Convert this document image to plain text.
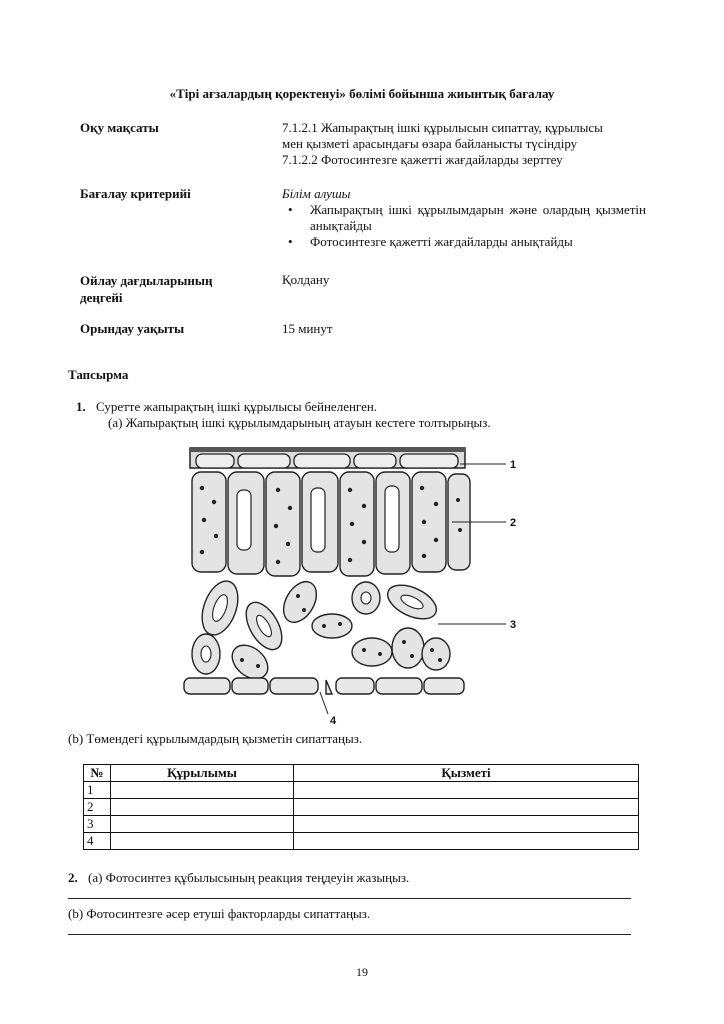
«Тірі ағзалардың қоректенуі» бөлімі бойынша жиынтық бағалау
Оқу мақсаты	7.1.2.1 Жапырақтың ішкі құрылысын сипаттау, құрылысы
мен қызметі арасындағы өзара байланысты түсіндіру
7.1.2.2 Фотосинтезге қажетті жағдайларды зерттеу
Бағалау критерийі	Білім алушы
• Жапырақтың ішкі құрылымдарын және олардың қызметін анықтайды
• Фотосинтезге қажетті жағдайларды анықтайды
Ойлау дағдыларының
деңгейі
Қолдану
Орындау уақыты	15 минут
Тапсырма
1. Суретте жапырақтың ішкі құрылысы бейнеленген.
(a) Жапырақтың ішкі құрылымдарының атауын кестеге толтырыңыз.
1
2
3
4
(b) Төмендегі құрылымдардың қызметін сипаттаңыз.
№	Құрылымы	Қызметі
1		
2		
3		
4		
2. (a) Фотосинтез құбылысының реакция теңдеуін жазыңыз.
(b) Фотосинтезге әсер етуші факторларды сипаттаңыз.
19
